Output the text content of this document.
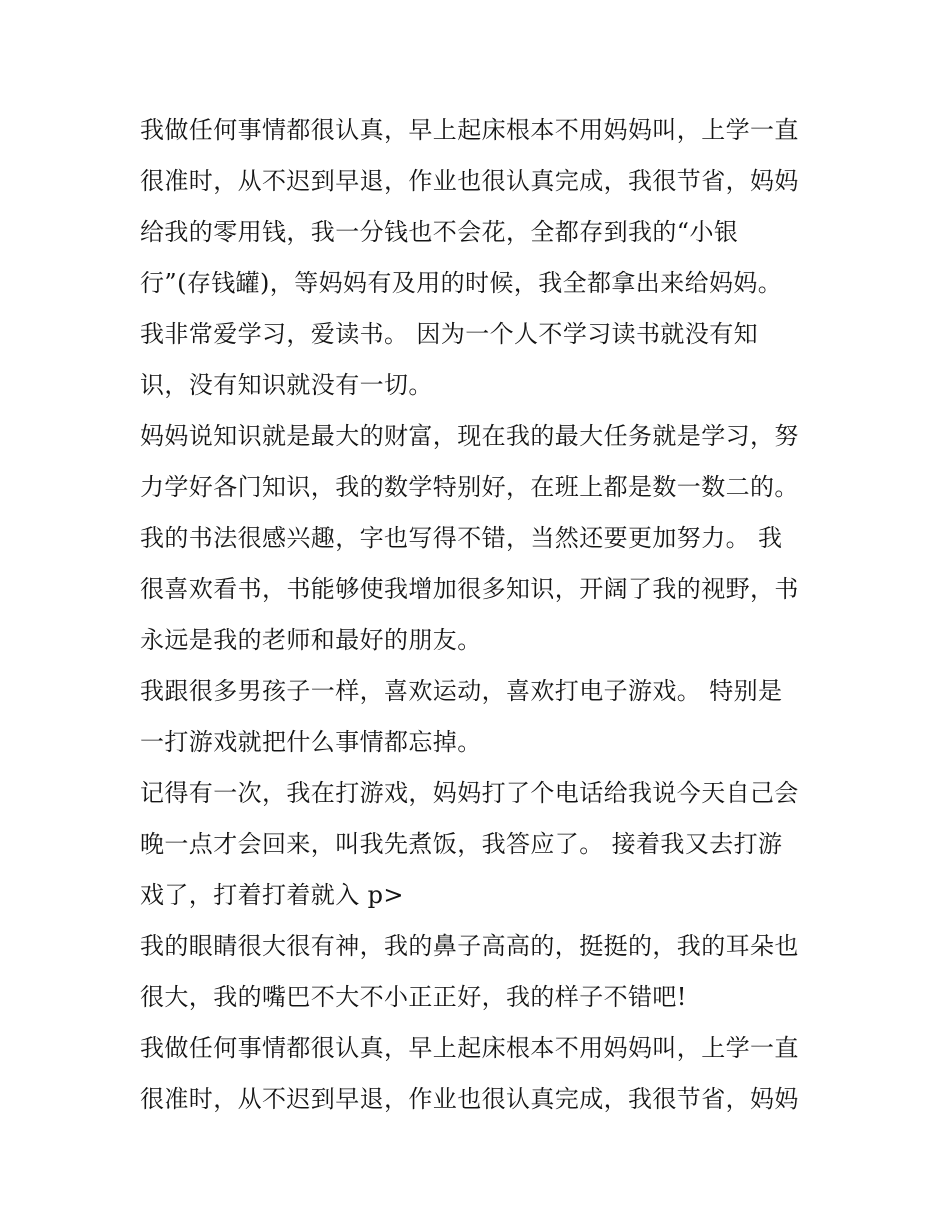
我做任何事情都很认真，早上起床根本不用妈妈叫，上学一直
很准时，从不迟到早退，作业也很认真完成，我很节省，妈妈
给我的零用钱，我一分钱也不会花，全都存到我的“小银
行”(存钱罐)，等妈妈有及用的时候，我全都拿出来给妈妈。
我非常爱学习，爱读书。 因为一个人不学习读书就没有知
识，没有知识就没有一切。
妈妈说知识就是最大的财富，现在我的最大任务就是学习，努
力学好各门知识，我的数学特别好，在班上都是数一数二的。
我的书法很感兴趣，字也写得不错，当然还要更加努力。 我
很喜欢看书，书能够使我增加很多知识，开阔了我的视野，书
永远是我的老师和最好的朋友。
我跟很多男孩子一样，喜欢运动，喜欢打电子游戏。 特别是
一打游戏就把什么事情都忘掉。
记得有一次，我在打游戏，妈妈打了个电话给我说今天自己会
晚一点才会回来，叫我先煮饭，我答应了。 接着我又去打游
戏了，打着打着就入 p>
我的眼睛很大很有神，我的鼻子高高的，挺挺的，我的耳朵也
很大，我的嘴巴不大不小正正好，我的样子不错吧!
我做任何事情都很认真，早上起床根本不用妈妈叫，上学一直
很准时，从不迟到早退，作业也很认真完成，我很节省，妈妈
